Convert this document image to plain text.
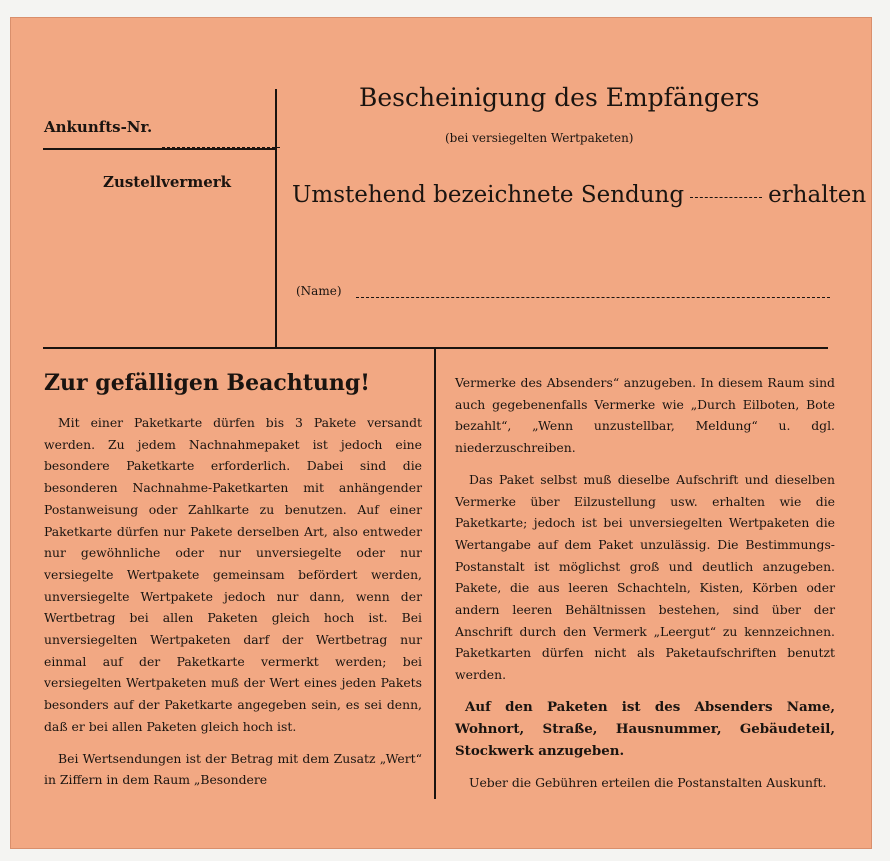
Ankunfts-Nr.
Zustellvermerk
Bescheinigung des Empfängers
(bei versiegelten Wertpaketen)
Umstehend bezeichnete Sendung	erhalten
(Name)
Zur gefälligen Beachtung!

Mit einer Paketkarte dürfen bis 3 Pakete versandt werden. Zu jedem Nachnahmepaket ist jedoch eine besondere Paketkarte erforderlich. Dabei sind die besonderen Nachnahme-Paketkarten mit anhängender Postanweisung oder Zahlkarte zu benutzen. Auf einer Paketkarte dürfen nur Pakete derselben Art, also entweder nur gewöhnliche oder nur unversiegelte oder nur versiegelte Wertpakete gemeinsam befördert werden, unversiegelte Wertpakete jedoch nur dann, wenn der Wertbetrag bei allen Paketen gleich hoch ist. Bei unversiegelten Wertpaketen darf der Wertbetrag nur einmal auf der Paketkarte vermerkt werden; bei versiegelten Wertpaketen muß der Wert eines jeden Pakets besonders auf der Paketkarte angegeben sein, es sei denn, daß er bei allen Paketen gleich hoch ist.

Bei Wertsendungen ist der Betrag mit dem Zusatz „Wert“ in Ziffern in dem Raum „Besondere

Vermerke des Absenders“ anzugeben. In diesem Raum sind auch gegebenenfalls Vermerke wie „Durch Eilboten, Bote bezahlt“, „Wenn unzustellbar, Meldung“ u. dgl. niederzuschreiben.

Das Paket selbst muß dieselbe Aufschrift und dieselben Vermerke über Eilzustellung usw. erhalten wie die Paketkarte; jedoch ist bei unversiegelten Wertpaketen die Wertangabe auf dem Paket unzulässig. Die Bestimmungs-Postanstalt ist möglichst groß und deutlich anzugeben. Pakete, die aus leeren Schachteln, Kisten, Körben oder andern leeren Behältnissen bestehen, sind über der Anschrift durch den Vermerk „Leergut“ zu kennzeichnen. Paketkarten dürfen nicht als Paketaufschriften benutzt werden.

Auf den Paketen ist des Absenders Name, Wohnort, Straße, Hausnummer, Gebäudeteil, Stockwerk anzugeben.

Ueber die Gebühren erteilen die Postanstalten Auskunft.
